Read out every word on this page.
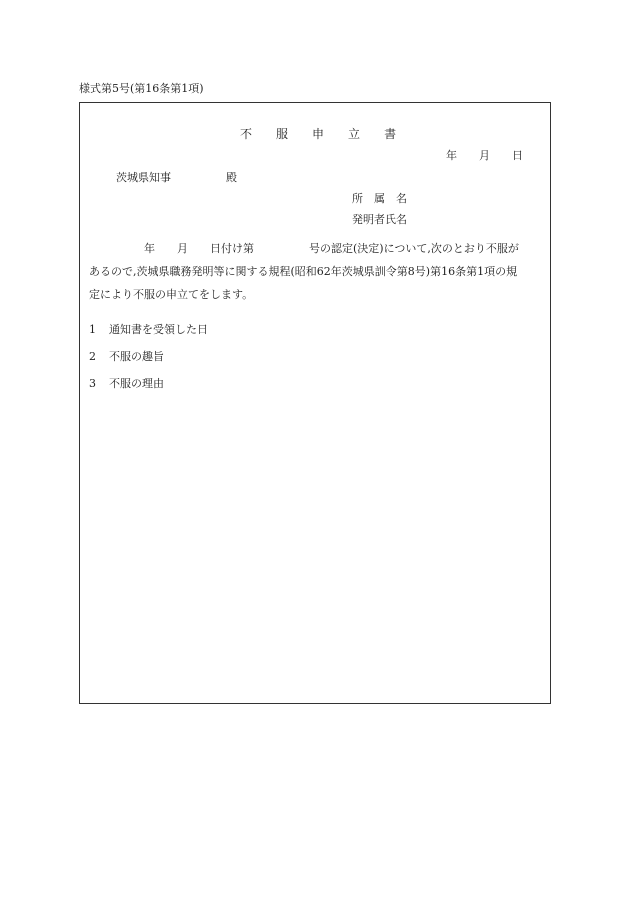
様式第5号(第16条第1項)
不 服 申 立 書
年　　月　　日
茨城県知事　　　　　殿
所　属　名
発明者氏名
　　　　　年　　月　　日付け第　　　　　号の認定(決定)について,次のとおり不服が
あるので,茨城県職務発明等に関する規程(昭和62年茨城県訓令第8号)第16条第1項の規
定により不服の申立てをします。
1 通知書を受領した日
2 不服の趣旨
3 不服の理由
